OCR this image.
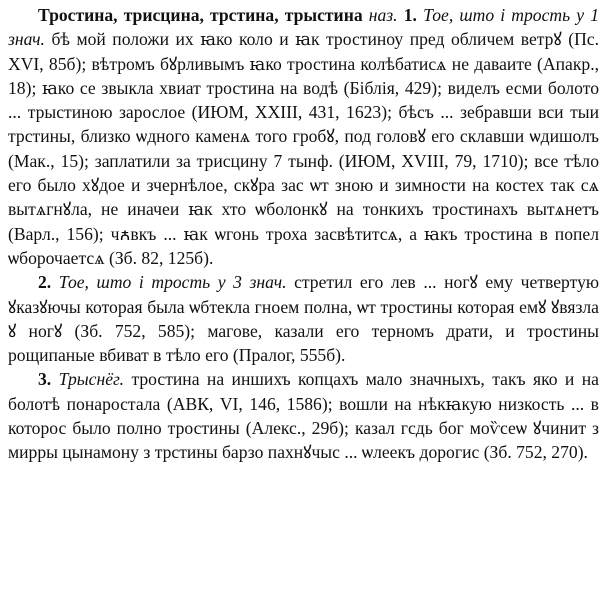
Тростина, трисцина, трстина, трыстина наз. 1. Тое, што і трость у 1 знач. бѣ мой положи их ꙗко коло и ꙗк тростиноу пред обличем ветрꙋ (Пс. XVI, 85б); вѣтромъ бꙋрливымъ ꙗко тростина колѣбатисѧ не даваите (Апакр., 18); ꙗко се звыкла хвиат тростина на водѣ (Біблія, 429); виделъ есми болото ... трыстиною зарослое (ИЮМ, XXIII, 431, 1623); бѣсъ ... зебравши вси тыи трстины, близко ѡдного каменѧ того гробꙋ, под головꙋ его склавши ѡдишолъ (Мак., 15); заплатили за трисцину 7 тынф. (ИЮМ, XVIII, 79, 1710); все тѣло его было хꙋдое и зчернѣлое, скꙋра зас ѡт зною и зимности на костех так сѧ вытѧгнꙋла, не иначеи ꙗк хто ѡболонкꙋ на тонкихъ тростинахъ вытѧнетъ (Варл., 156); чꙉвкъ ... ꙗк ѡгонь троха засвѣтитсѧ, а ꙗкъ тростина в попел ѡборочаетсѧ (Зб. 82, 125б).

2. Тое, што і трость у 3 знач. стретил его лев ... ногꙋ ему четвертую ꙋказꙋючы которая была ѡбтекла гноем полна, ѡт тростины которая емꙋ ꙋвязла ꙋ ногꙋ (Зб. 752, 585); магове, казали его терномъ драти, и тростины рощипаные вбиват в тѣло его (Пралог, 555б).

3. Трыснёг. тростина на иншихъ копцахъ мало значныхъ, такъ яко и на болотѣ понаростала (АВК, VI, 146, 1586); вошли на нѣкꙗкую низкость ... в которос было полно тростины (Алекс., 29б); казал гсдь бог моѷсеѡ ꙋчинит з мирры цынамону з трстины барзо пахнꙋчыс ... ѡлеекъ дорогис (Зб. 752, 270).
